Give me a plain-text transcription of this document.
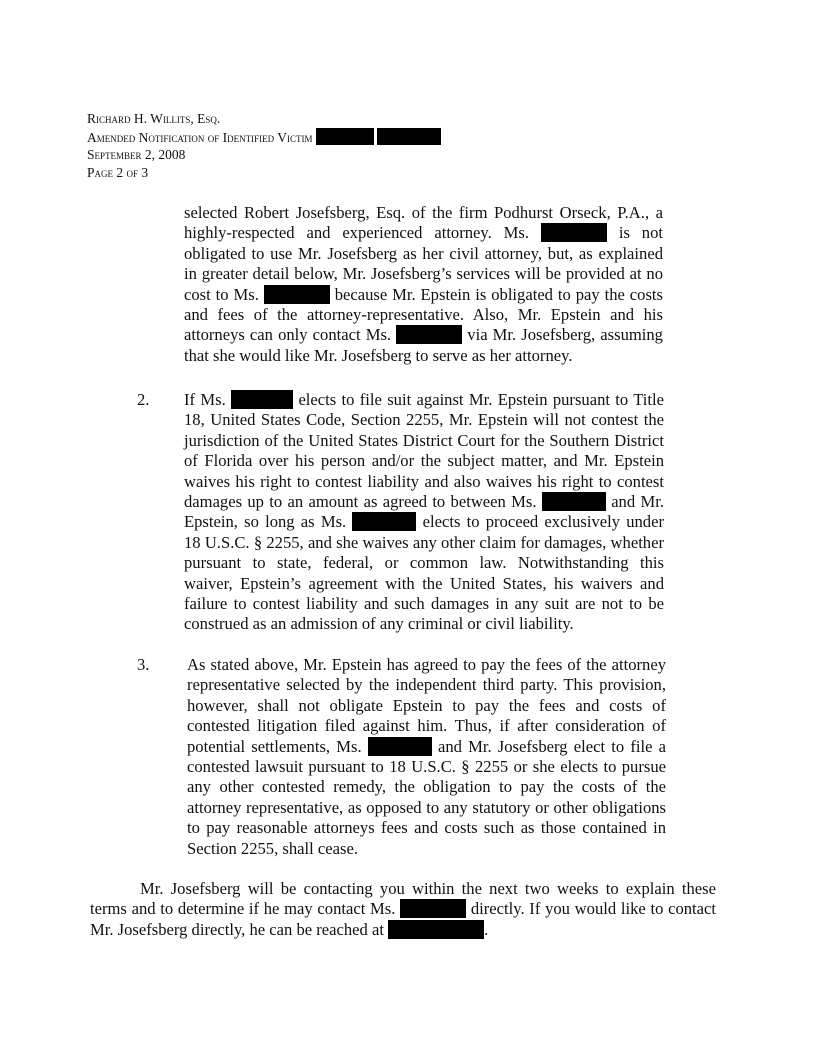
Richard H. Willits, Esq.
Amended Notification of Identified Victim
September 2, 2008
Page 2 of 3
selected Robert Josefsberg, Esq. of the firm Podhurst Orseck, P.A., a
highly-respected and experienced attorney. Ms.	is not
obligated to use Mr. Josefsberg as her civil attorney, but, as explained
in greater detail below, Mr. Josefsberg’s services will be provided at no
cost to Ms.	because Mr. Epstein is obligated to pay the costs
and fees of the attorney-representative. Also, Mr. Epstein and his
attorneys can only contact Ms.	via Mr. Josefsberg, assuming
that she would like Mr. Josefsberg to serve as her attorney.
2. If Ms.	elects to file suit against Mr. Epstein pursuant to Title
18, United States Code, Section 2255, Mr. Epstein will not contest the
jurisdiction of the United States District Court for the Southern District
of Florida over his person and/or the subject matter, and Mr. Epstein
waives his right to contest liability and also waives his right to contest
damages up to an amount as agreed to between Ms.	and Mr.
Epstein, so long as Ms.	elects to proceed exclusively under
18 U.S.C. § 2255, and she waives any other claim for damages, whether
pursuant to state, federal, or common law. Notwithstanding this
waiver, Epstein’s agreement with the United States, his waivers and
failure to contest liability and such damages in any suit are not to be
construed as an admission of any criminal or civil liability.
3. As stated above, Mr. Epstein has agreed to pay the fees of the attorney
representative selected by the independent third party. This provision,
however, shall not obligate Epstein to pay the fees and costs of
contested litigation filed against him. Thus, if after consideration of
potential settlements, Ms.	and Mr. Josefsberg elect to file a
contested lawsuit pursuant to 18 U.S.C. § 2255 or she elects to pursue
any other contested remedy, the obligation to pay the costs of the
attorney representative, as opposed to any statutory or other obligations
to pay reasonable attorneys fees and costs such as those contained in
Section 2255, shall cease.
Mr. Josefsberg will be contacting you within the next two weeks to explain these
terms and to determine if he may contact Ms.	directly. If you would like to contact
Mr. Josefsberg directly, he can be reached at	.
